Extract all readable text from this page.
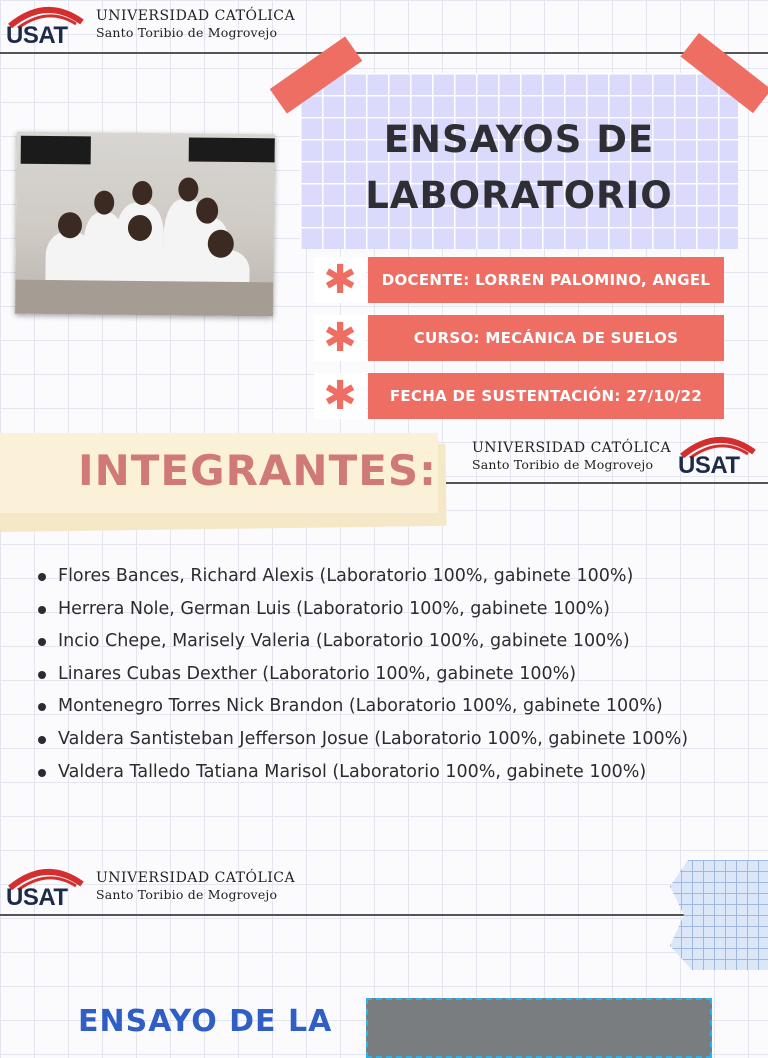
USAT
UNIVERSIDAD CATÓLICA
Santo Toribio de Mogrovejo
ENSAYOS DE
LABORATORIO
✱	DOCENTE: LORREN PALOMINO, ANGEL
✱	CURSO: MECÁNICA DE SUELOS
✱	FECHA DE SUSTENTACIÓN: 27/10/22
INTEGRANTES:	UNIVERSIDAD CATÓLICA
Santo Toribio de Mogrovejo	USAT
Flores Bances, Richard Alexis (Laboratorio 100%, gabinete 100%)
Herrera Nole, German Luis (Laboratorio 100%, gabinete 100%)
Incio Chepe, Marisely Valeria (Laboratorio 100%, gabinete 100%)
Linares Cubas Dexther (Laboratorio 100%, gabinete 100%)
Montenegro Torres Nick Brandon (Laboratorio 100%, gabinete 100%)
Valdera Santisteban Jefferson Josue (Laboratorio 100%, gabinete 100%)
Valdera Talledo Tatiana Marisol (Laboratorio 100%, gabinete 100%)
USAT
UNIVERSIDAD CATÓLICA
Santo Toribio de Mogrovejo
ENSAYO DE LA
